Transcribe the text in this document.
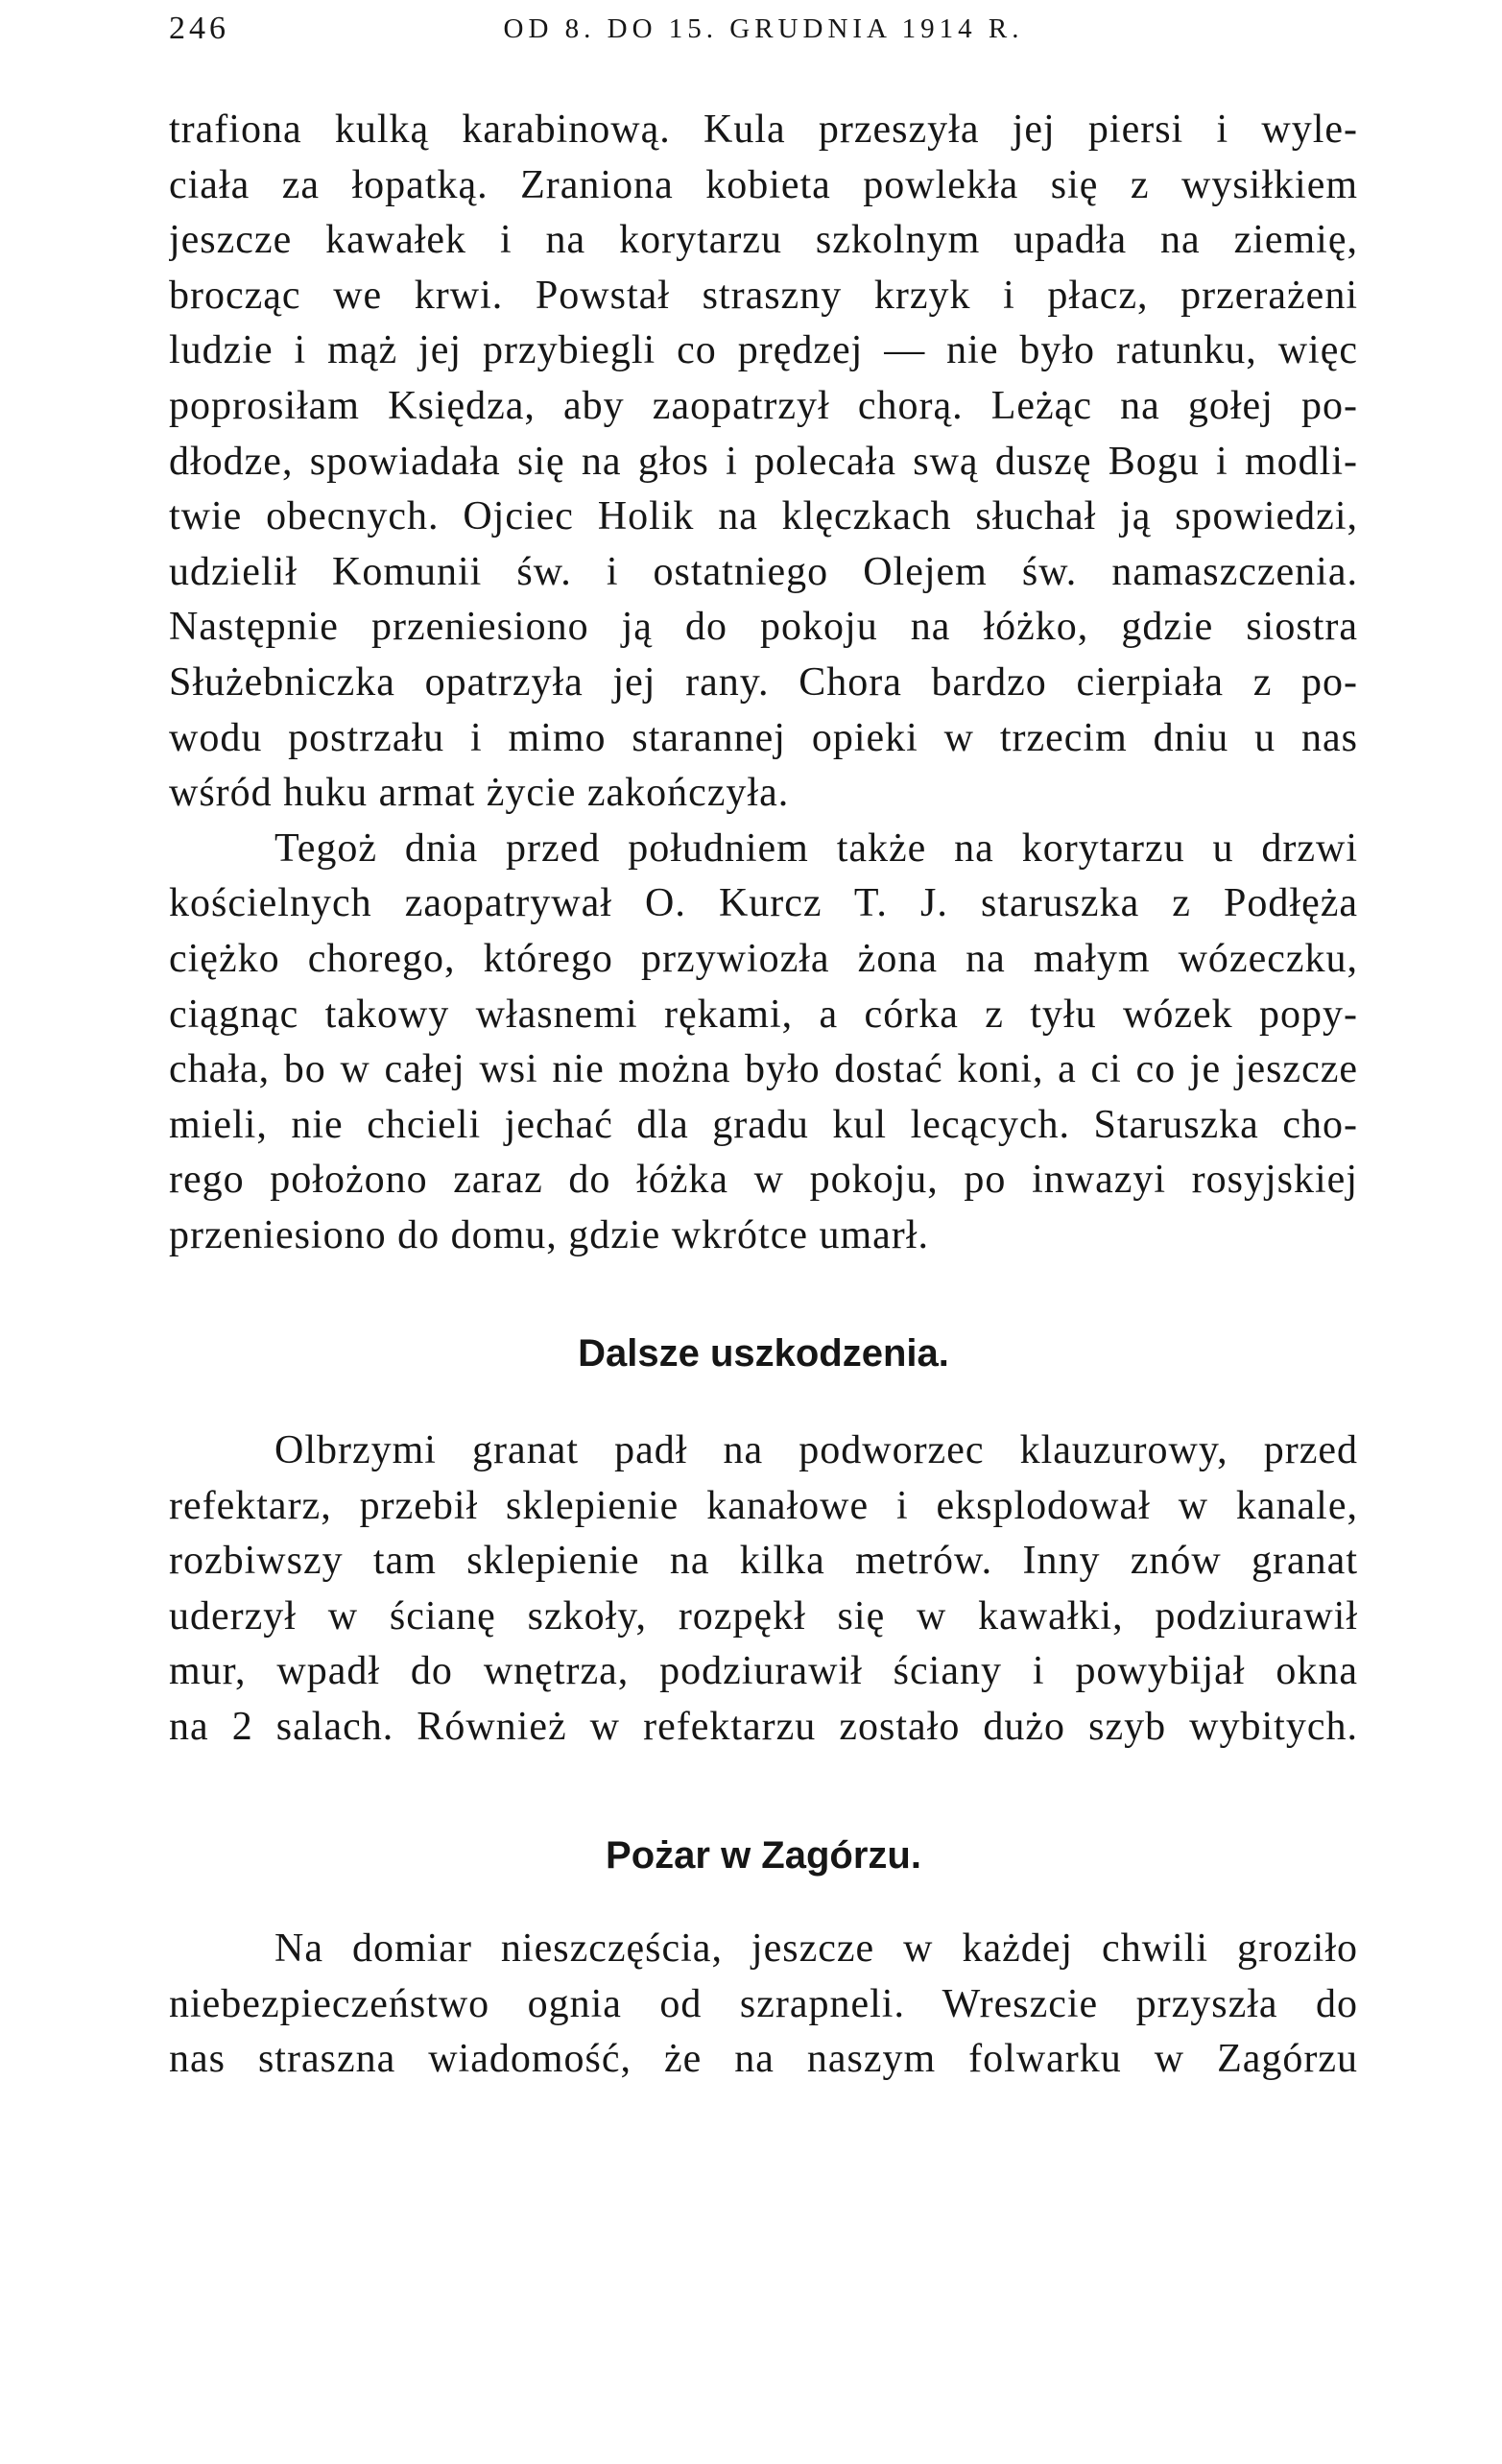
246	OD 8. DO 15. GRUDNIA 1914 R.
trafiona kulką karabinową. Kula przeszyła jej piersi i wyle-
ciała za łopatką. Zraniona kobieta powlekła się z wysiłkiem
jeszcze kawałek i na korytarzu szkolnym upadła na ziemię,
brocząc we krwi. Powstał straszny krzyk i płacz, przerażeni
ludzie i mąż jej przybiegli co prędzej — nie było ratunku, więc
poprosiłam Księdza, aby zaopatrzył chorą. Leżąc na gołej po-
dłodze, spowiadała się na głos i polecała swą duszę Bogu i modli-
twie obecnych. Ojciec Holik na klęczkach słuchał ją spowiedzi,
udzielił Komunii św. i ostatniego Olejem św. namaszczenia.
Następnie przeniesiono ją do pokoju na łóżko, gdzie siostra
Służebniczka opatrzyła jej rany. Chora bardzo cierpiała z po-
wodu postrzału i mimo starannej opieki w trzecim dniu u nas
wśród huku armat życie zakończyła.
Tegoż dnia przed południem także na korytarzu u drzwi
kościelnych zaopatrywał O. Kurcz T. J. staruszka z Podłęża
ciężko chorego, którego przywiozła żona na małym wózeczku,
ciągnąc takowy własnemi rękami, a córka z tyłu wózek popy-
chała, bo w całej wsi nie można było dostać koni, a ci co je jeszcze
mieli, nie chcieli jechać dla gradu kul lecących. Staruszka cho-
rego położono zaraz do łóżka w pokoju, po inwazyi rosyjskiej
przeniesiono do domu, gdzie wkrótce umarł.
Dalsze uszkodzenia.
Olbrzymi granat padł na podworzec klauzurowy, przed
refektarz, przebił sklepienie kanałowe i eksplodował w kanale,
rozbiwszy tam sklepienie na kilka metrów. Inny znów granat
uderzył w ścianę szkoły, rozpękł się w kawałki, podziurawił
mur, wpadł do wnętrza, podziurawił ściany i powybijał okna
na 2 salach. Również w refektarzu zostało dużo szyb wybitych.
Pożar w Zagórzu.
Na domiar nieszczęścia, jeszcze w każdej chwili groziło
niebezpieczeństwo ognia od szrapneli. Wreszcie przyszła do
nas straszna wiadomość, że na naszym folwarku w Zagórzu
